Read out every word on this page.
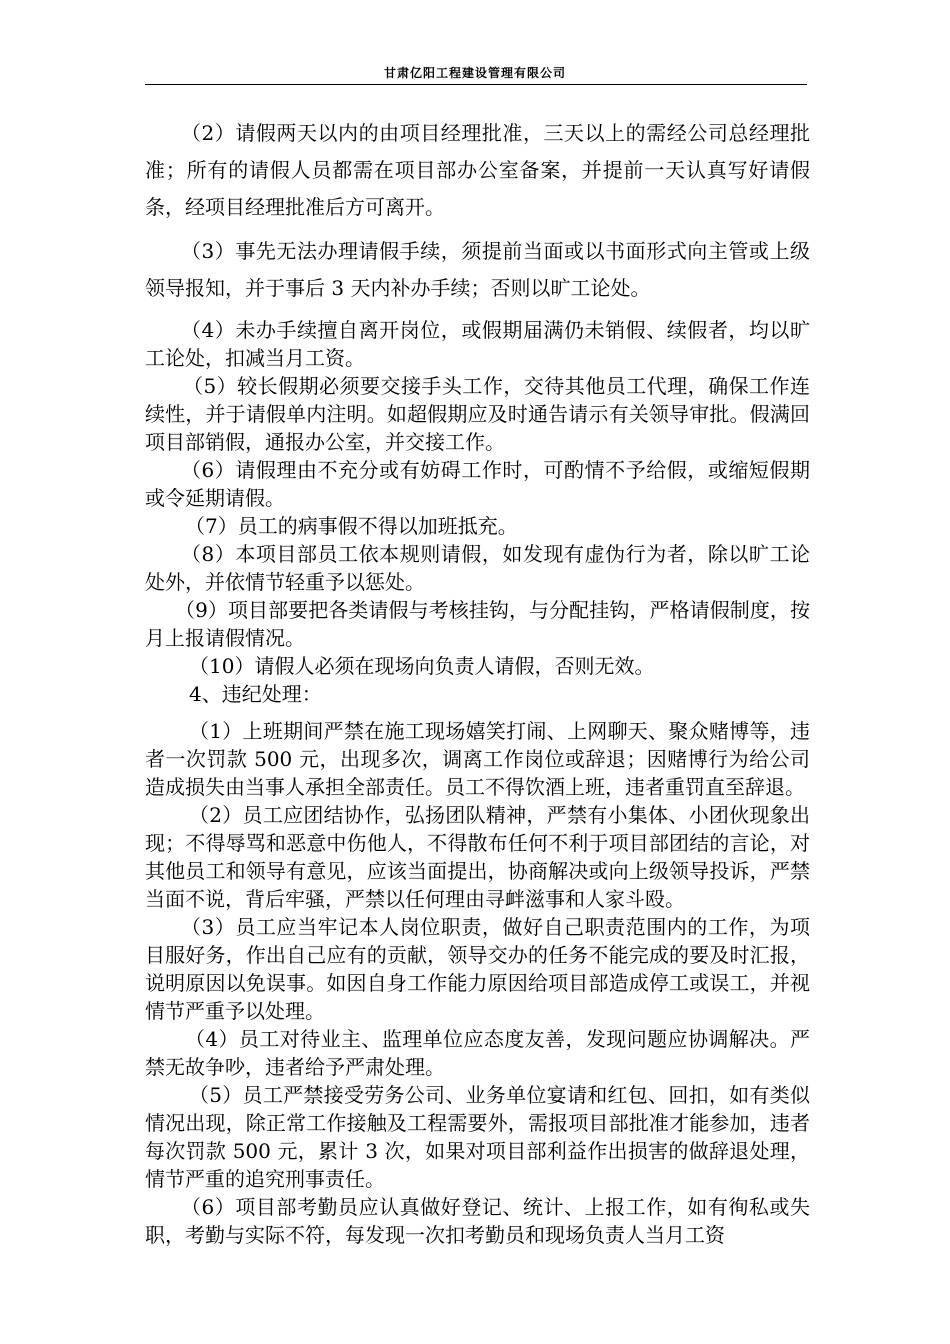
甘肃亿阳工程建设管理有限公司

（2）请假两天以内的由项目经理批准，三天以上的需经公司总经理批准；所有的请假人员都需在项目部办公室备案，并提前一天认真写好请假条，经项目经理批准后方可离开。

（3）事先无法办理请假手续，须提前当面或以书面形式向主管或上级领导报知，并于事后 3 天内补办手续；否则以旷工论处。

（4）未办手续擅自离开岗位，或假期届满仍未销假、续假者，均以旷工论处，扣减当月工资。

（5）较长假期必须要交接手头工作，交待其他员工代理，确保工作连续性，并于请假单内注明。如超假期应及时通告请示有关领导审批。假满回项目部销假，通报办公室，并交接工作。

（6）请假理由不充分或有妨碍工作时，可酌情不予给假，或缩短假期或令延期请假。

（7）员工的病事假不得以加班抵充。

（8）本项目部员工依本规则请假，如发现有虚伪行为者，除以旷工论处外，并依情节轻重予以惩处。

（9）项目部要把各类请假与考核挂钩，与分配挂钩，严格请假制度，按月上报请假情况。

（10）请假人必须在现场向负责人请假，否则无效。

4、违纪处理：

（1）上班期间严禁在施工现场嬉笑打闹、上网聊天、聚众赌博等，违者一次罚款 500 元，出现多次，调离工作岗位或辞退；因赌博行为给公司造成损失由当事人承担全部责任。员工不得饮酒上班，违者重罚直至辞退。

（2）员工应团结协作，弘扬团队精神，严禁有小集体、小团伙现象出现；不得辱骂和恶意中伤他人，不得散布任何不利于项目部团结的言论，对其他员工和领导有意见，应该当面提出，协商解决或向上级领导投诉，严禁当面不说，背后牢骚，严禁以任何理由寻衅滋事和人家斗殴。

（3）员工应当牢记本人岗位职责，做好自己职责范围内的工作，为项目服好务，作出自己应有的贡献，领导交办的任务不能完成的要及时汇报，说明原因以免误事。如因自身工作能力原因给项目部造成停工或误工，并视情节严重予以处理。

（4）员工对待业主、监理单位应态度友善，发现问题应协调解决。严禁无故争吵，违者给予严肃处理。

（5）员工严禁接受劳务公司、业务单位宴请和红包、回扣，如有类似情况出现，除正常工作接触及工程需要外，需报项目部批准才能参加，违者每次罚款 500 元，累计 3 次，如果对项目部利益作出损害的做辞退处理，情节严重的追究刑事责任。

（6）项目部考勤员应认真做好登记、统计、上报工作，如有徇私或失职，考勤与实际不符，每发现一次扣考勤员和现场负责人当月工资
